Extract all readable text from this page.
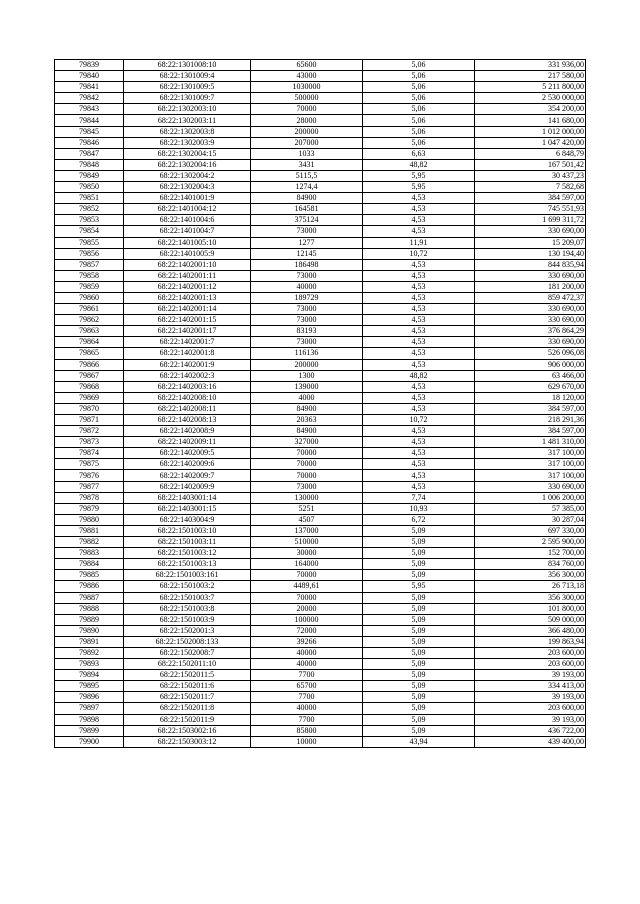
79839	68:22:1301008:10	65600	5,06	331 936,00
79840	68:22:1301009:4	43000	5,06	217 580,00
79841	68:22:1301009:5	1030000	5,06	5 211 800,00
79842	68:22:1301009:7	500000	5,06	2 530 000,00
79843	68:22:1302003:10	70000	5,06	354 200,00
79844	68:22:1302003:11	28000	5,06	141 680,00
79845	68:22:1302003:8	200000	5,06	1 012 000,00
79846	68:22:1302003:9	207000	5,06	1 047 420,00
79847	68:22:1302004:15	1033	6,63	6 848,79
79848	68:22:1302004:16	3431	48,82	167 501,42
79849	68:22:1302004:2	5115,5	5,95	30 437,23
79850	68:22:1302004:3	1274,4	5,95	7 582,68
79851	68:22:1401001:9	84900	4,53	384 597,00
79852	68:22:1401004:12	164581	4,53	745 551,93
79853	68:22:1401004:6	375124	4,53	1 699 311,72
79854	68:22:1401004:7	73000	4,53	330 690,00
79855	68:22:1401005:10	1277	11,91	15 209,07
79856	68:22:1401005:9	12145	10,72	130 194,40
79857	68:22:1402001:10	186498	4,53	844 835,94
79858	68:22:1402001:11	73000	4,53	330 690,00
79859	68:22:1402001:12	40000	4,53	181 200,00
79860	68:22:1402001:13	189729	4,53	859 472,37
79861	68:22:1402001:14	73000	4,53	330 690,00
79862	68:22:1402001:15	73000	4,53	330 690,00
79863	68:22:1402001:17	83193	4,53	376 864,29
79864	68:22:1402001:7	73000	4,53	330 690,00
79865	68:22:1402001:8	116136	4,53	526 096,08
79866	68:22:1402001:9	200000	4,53	906 000,00
79867	68:22:1402002:3	1300	48,82	63 466,00
79868	68:22:1402003:16	139000	4,53	629 670,00
79869	68:22:1402008:10	4000	4,53	18 120,00
79870	68:22:1402008:11	84900	4,53	384 597,00
79871	68:22:1402008:13	20363	10,72	218 291,36
79872	68:22:1402008:9	84900	4,53	384 597,00
79873	68:22:1402009:11	327000	4,53	1 481 310,00
79874	68:22:1402009:5	70000	4,53	317 100,00
79875	68:22:1402009:6	70000	4,53	317 100,00
79876	68:22:1402009:7	70000	4,53	317 100,00
79877	68:22:1402009:9	73000	4,53	330 690,00
79878	68:22:1403001:14	130000	7,74	1 006 200,00
79879	68:22:1403001:15	5251	10,93	57 385,00
79880	68:22:1403004:9	4507	6,72	30 287,04
79881	68:22:1501003:10	137000	5,09	697 330,00
79882	68:22:1501003:11	510000	5,09	2 595 900,00
79883	68:22:1501003:12	30000	5,09	152 700,00
79884	68:22:1501003:13	164000	5,09	834 760,00
79885	68:22:1501003:161	70000	5,09	356 300,00
79886	68:22:1501003:2	4489,61	5,95	26 713,18
79887	68:22:1501003:7	70000	5,09	356 300,00
79888	68:22:1501003:8	20000	5,09	101 800,00
79889	68:22:1501003:9	100000	5,09	509 000,00
79890	68:22:1502001:3	72000	5,09	366 480,00
79891	68:22:1502008:133	39266	5,09	199 863,94
79892	68:22:1502008:7	40000	5,09	203 600,00
79893	68:22:1502011:10	40000	5,09	203 600,00
79894	68:22:1502011:5	7700	5,09	39 193,00
79895	68:22:1502011:6	65700	5,09	334 413,00
79896	68:22:1502011:7	7700	5,09	39 193,00
79897	68:22:1502011:8	40000	5,09	203 600,00
79898	68:22:1502011:9	7700	5,09	39 193,00
79899	68:22:1503002:16	85800	5,09	436 722,00
79900	68:22:1503003:12	10000	43,94	439 400,00
